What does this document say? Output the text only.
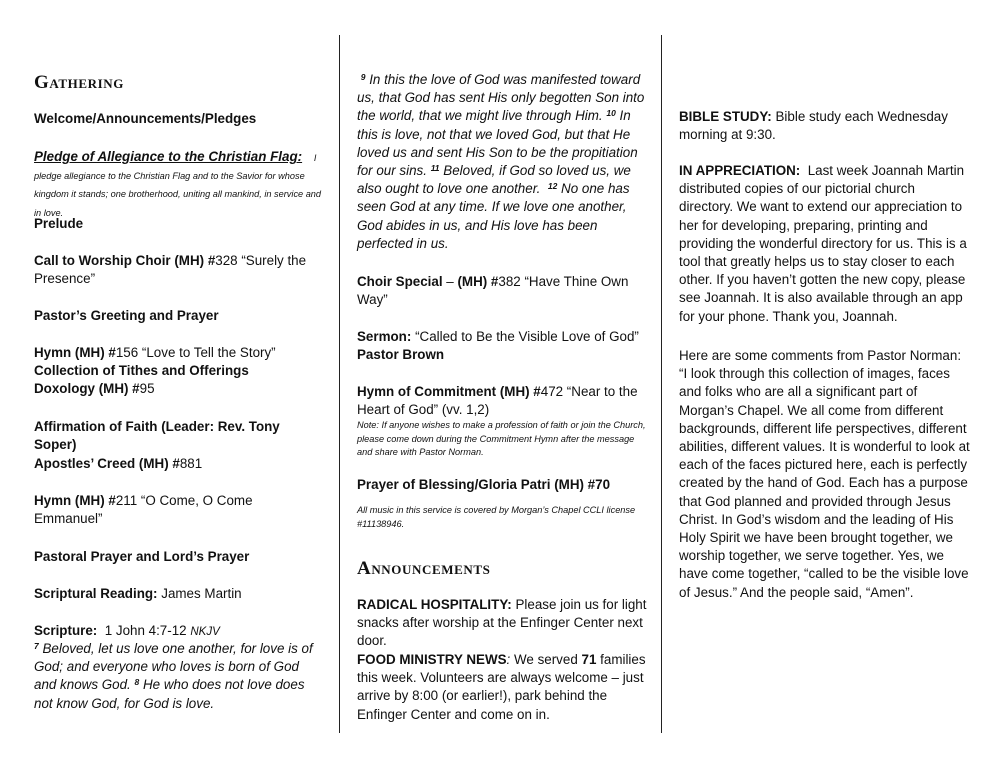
Gathering

Welcome/Announcements/Pledges

Pledge of Allegiance to the Christian Flag: I pledge allegiance to the Christian Flag and to the Savior for whose kingdom it stands; one brotherhood, uniting all mankind, in service and in love.

Prelude

Call to Worship Choir (MH) #328 “Surely the Presence”

Pastor’s Greeting and Prayer

Hymn (MH) #156 “Love to Tell the Story”

Collection of Tithes and Offerings

Doxology (MH) #95

Affirmation of Faith (Leader: Rev. Tony Soper)

Apostles’ Creed (MH) #881

Hymn (MH) #211 “O Come, O Come Emmanuel”

Pastoral Prayer and Lord’s Prayer

Scriptural Reading: James Martin

Scripture: 1 John 4:7-12 NKJV

$^7$ Beloved, let us love one another, for love is of God; and everyone who loves is born of God and knows God. $^8$ He who does not love does not know God, for God is love.

$^9$ In this the love of God was manifested toward us, that God has sent His only begotten Son into the world, that we might live through Him. $^{10}$ In this is love, not that we loved God, but that He loved us and sent His Son to be the propitiation for our sins. $^{11}$ Beloved, if God so loved us, we also ought to love one another. $^{12}$ No one has seen God at any time. If we love one another, God abides in us, and His love has been perfected in us.

Choir Special – (MH) #382 “Have Thine Own Way”

Sermon: “Called to Be the Visible Love of God”

Pastor Brown

Hymn of Commitment (MH) #472 “Near to the Heart of God” (vv. 1,2)

Note: If anyone wishes to make a profession of faith or join the Church, please come down during the Commitment Hymn after the message and share with Pastor Norman.

Prayer of Blessing/Gloria Patri (MH) #70

All music in this service is covered by Morgan’s Chapel CCLI license #11138946.

Announcements

RADICAL HOSPITALITY: Please join us for light snacks after worship at the Enfinger Center next door.

FOOD MINISTRY NEWS: We served 71 families this week. Volunteers are always welcome – just arrive by 8:00 (or earlier!), park behind the Enfinger Center and come on in.

BIBLE STUDY: Bible study each Wednesday morning at 9:30.

IN APPRECIATION: Last week Joannah Martin distributed copies of our pictorial church directory. We want to extend our appreciation to her for developing, preparing, printing and providing the wonderful directory for us. This is a tool that greatly helps us to stay closer to each other. If you haven’t gotten the new copy, please see Joannah. It is also available through an app for your phone. Thank you, Joannah.

Here are some comments from Pastor Norman: “I look through this collection of images, faces and folks who are all a significant part of Morgan’s Chapel. We all come from different backgrounds, different life perspectives, different abilities, different values. It is wonderful to look at each of the faces pictured here, each is perfectly created by the hand of God. Each has a purpose that God planned and provided through Jesus Christ. In God’s wisdom and the leading of His Holy Spirit we have been brought together, we worship together, we serve together. Yes, we have come together, “called to be the visible love of Jesus.” And the people said, “Amen”.
